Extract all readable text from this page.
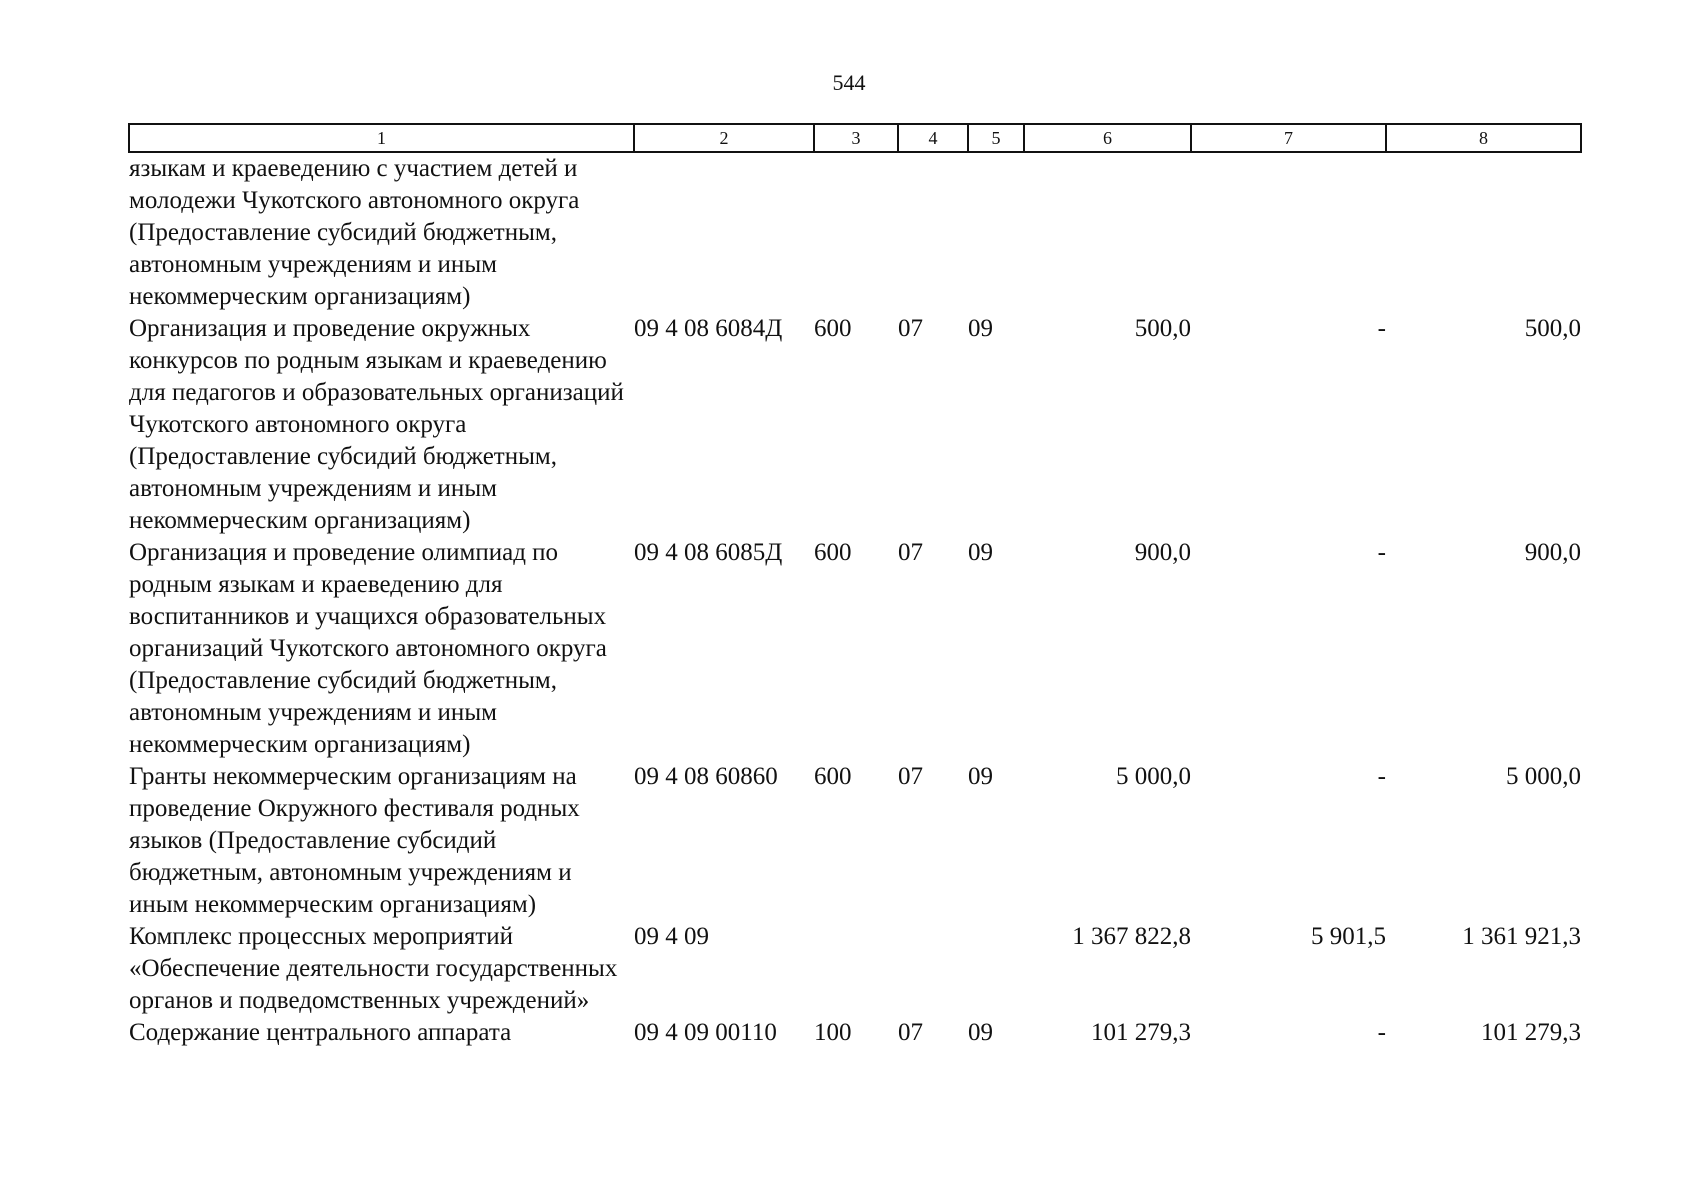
544
1	2	3	4	5	6	7	8
языкам и краеведению с участием детей и молодежи Чукотского автономного округа (Предоставление субсидий бюджетным, автономным учреждениям и иным некоммерческим организациям)							
Организация и проведение окружных конкурсов по родным языкам и краеведению для педагогов и образовательных организаций Чукотского автономного округа (Предоставление субсидий бюджетным, автономным учреждениям и иным некоммерческим организациям)	09 4 08 6084Д	600	07	09	500,0	-	500,0
Организация и проведение олимпиад по родным языкам и краеведению для воспитанников и учащихся образовательных организаций Чукотского автономного округа (Предоставление субсидий бюджетным, автономным учреждениям и иным некоммерческим организациям)	09 4 08 6085Д	600	07	09	900,0	-	900,0
Гранты некоммерческим организациям на проведение Окружного фестиваля родных языков (Предоставление субсидий бюджетным, автономным учреждениям и иным некоммерческим организациям)	09 4 08 60860	600	07	09	5 000,0	-	5 000,0
Комплекс процессных мероприятий «Обеспечение деятельности государственных органов и подведомственных учреждений»	09 4 09				1 367 822,8	5 901,5	1 361 921,3
Содержание центрального аппарата	09 4 09 00110	100	07	09	101 279,3	-	101 279,3
